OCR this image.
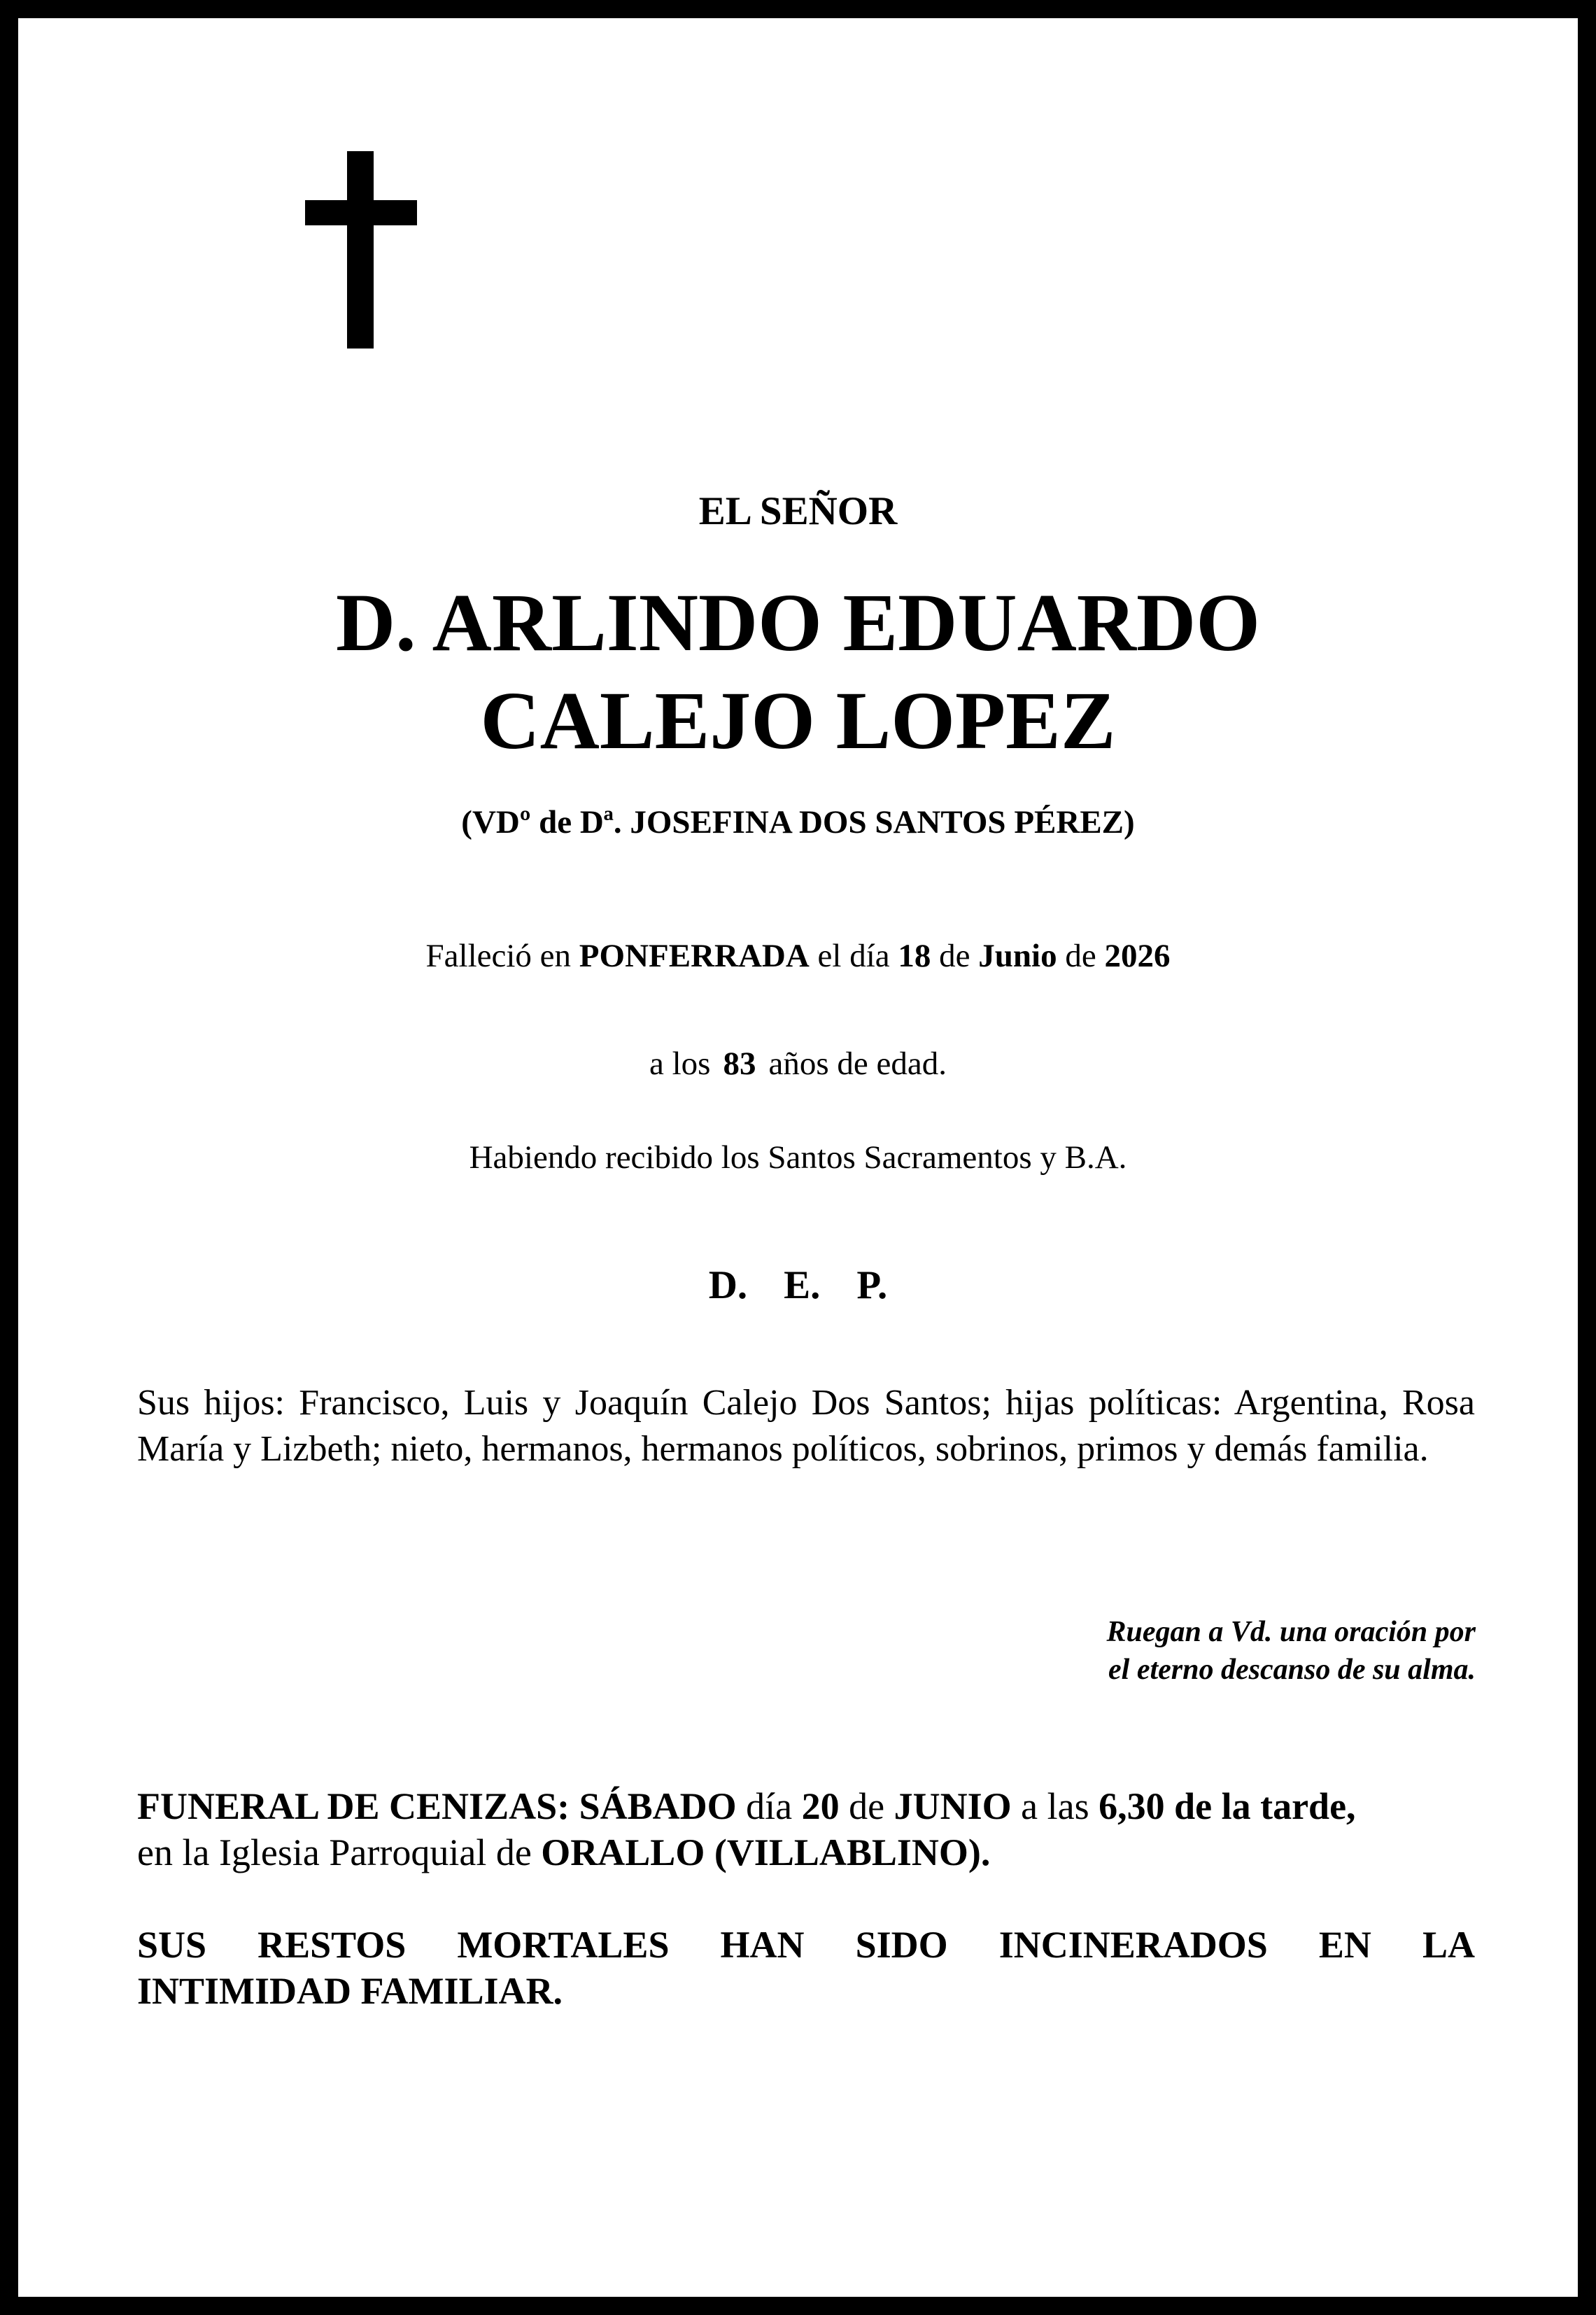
EL SEÑOR
D. ARLINDO EDUARDO
CALEJO LOPEZ
(VDº de Dª. JOSEFINA DOS SANTOS PÉREZ)
Falleció en PONFERRADA el día 18 de Junio de 2026
a los 83 años de edad.
Habiendo recibido los Santos Sacramentos y B.A.
D. E. P.
Sus hijos: Francisco, Luis y Joaquín Calejo Dos Santos; hijas políticas: Argentina, Rosa María y Lizbeth; nieto, hermanos, hermanos políticos, sobrinos, primos y demás familia.
Ruegan a Vd. una oración por
el eterno descanso de su alma.
FUNERAL DE CENIZAS: SÁBADO día 20 de JUNIO a las 6,30 de la tarde,
en la Iglesia Parroquial de ORALLO (VILLABLINO).
SUS RESTOS MORTALES HAN SIDO INCINERADOS EN LA
INTIMIDAD FAMILIAR.
